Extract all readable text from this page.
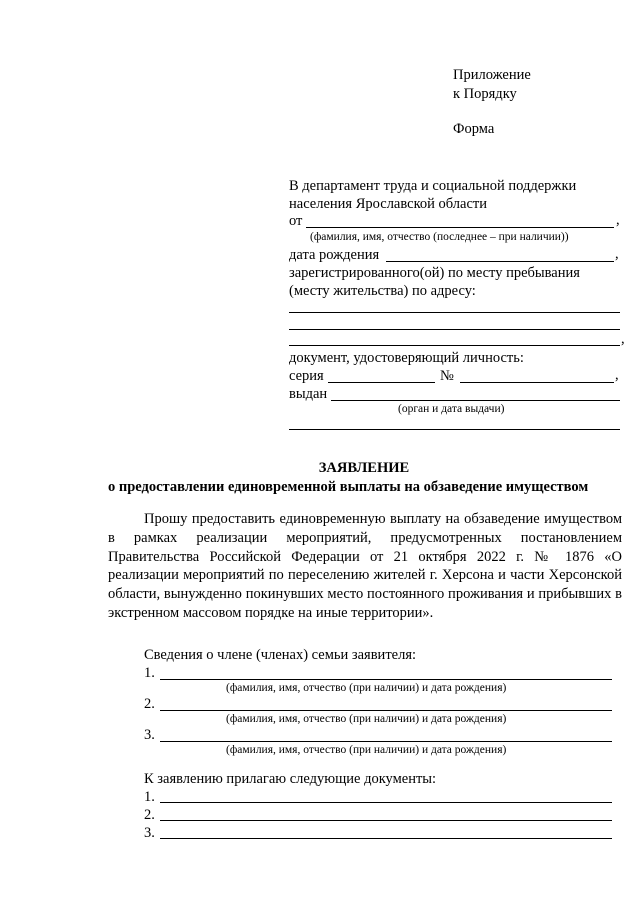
Приложение
к Порядку
Форма
В департамент труда и социальной поддержки
населения Ярославской области
от	,
(фамилия, имя, отчество (последнее – при наличии))
дата рождения	,
зарегистрированного(ой) по месту пребывания
(месту жительства) по адресу:
,
документ, удостоверяющий личность:
серия	№	,
выдан
(орган и дата выдачи)
ЗАЯВЛЕНИЕ
о предоставлении единовременной выплаты на обзаведение имуществом
Прошу предоставить единовременную выплату на обзаведение имуществом в рамках реализации мероприятий, предусмотренных постановлением Правительства Российской Федерации от 21 октября 2022 г. № 1876 «О реализации мероприятий по переселению жителей г. Херсона и части Херсонской области, вынужденно покинувших место постоянного проживания и прибывших в экстренном массовом порядке на иные территории».
Сведения о члене (членах) семьи заявителя:
1.
(фамилия, имя, отчество (при наличии) и дата рождения)
2.
(фамилия, имя, отчество (при наличии) и дата рождения)
3.
(фамилия, имя, отчество (при наличии) и дата рождения)
К заявлению прилагаю следующие документы:
1.
2.
3.
